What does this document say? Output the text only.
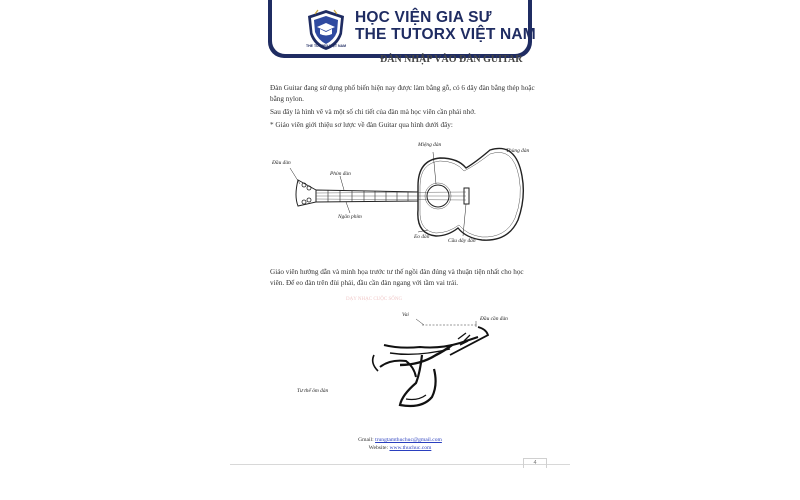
THE TUTORX VIỆT NAM
HỌC VIỆN GIA SƯ
THE TUTORX VIỆT NAM
ĐÀN NHẬP VÀO ĐÀN GUITAR
Đàn Guitar đang sử dụng phổ biến hiện nay được làm bằng gỗ, có 6 dây đàn bằng thép hoặc bằng nylon.
Sau đây là hình vẽ và một số chi tiết của đàn mà học viên cần phải nhớ.
* Giáo viên giới thiệu sơ lược về đàn Guitar qua hình dưới đây:
Đầu đàn
Phím đàn
Miệng đàn
Thùng đàn
Ngăn phím
Eo đàn
Cầu dây đàn
Giáo viên hướng dẫn và minh họa trước tư thế ngồi đàn đúng và thuận tiện nhất cho học viên. Để eo đàn trên đùi phải, đầu cần đàn ngang với tầm vai trái.
DẠY NHẠC CUỘC SỐNG
Vai
Đầu cần đàn
Tư thế ôm đàn
Gmail: trungtamthuchuc@gmail.com
Website: www.thuchuc.com
4
